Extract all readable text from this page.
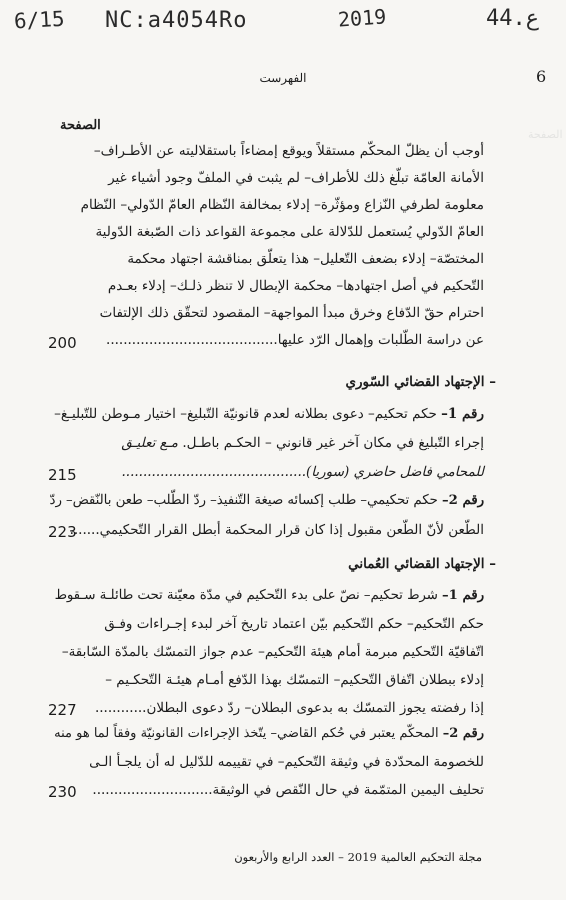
6/15 NC:a4054Ro	2019	44.ع
6
الفهرست
الصفحة
الصفحة
أوجب أن يظلّ المحكّم مستقلاً ويوقع إمضاءاً باستقلاليته عن الأطـراف–
الأمانة العامّة تبلّغ ذلك للأطراف– لم يثبت في الملفّ وجود أشياء غير
معلومة لطرفي النّزاع ومؤثّرة– إدلاء بمخالفة النّظام العامّ الدّولي– النّظام
العامّ الدّولي يُستعمل للدّلالة على مجموعة القواعد ذات الصّبغة الدّولية
المختصّة– إدلاء بضعف التّعليل– هذا يتعلّق بمناقشة اجتهاد محكمة
التّحكيم في أصل اجتهادها– محكمة الإبطال لا تنظر ذلـك– إدلاء بعـدم
احترام حقّ الدّفاع وخرق مبدأ المواجهة– المقصود لتحقّق ذلك الإلتفات
عن دراسة الطّلبات وإهمال الرّد عليها........................................
200
– الإجتهاد القضائي السّوري
رقم 1– حكم تحكيم– دعوى بطلانه لعدم قانونيّة التّبليغ– اختيار مـوطن للتّبليـغ–
إجراء التّبليغ في مكان آخر غير قانوني – الحكـم باطـل. مـع تعليـق
للمحامي فاضل حاضري (سوريا)...........................................
215
رقم 2– حكم تحكيمي– طلب إكسائه صيغة التّنفيذ– ردّ الطّلب– طعن بالنّقض– ردّ
الطّعن لأنّ الطّعن مقبول إذا كان قرار المحكمة أبطل القرار التّحكيمي.......
223
– الإجتهاد القضائي العُماني
رقم 1– شرط تحكيم– نصّ على بدء التّحكيم في مدّة معيّنة تحت طائلـة سـقوط
حكم التّحكيم– حكم التّحكيم بيّن اعتماد تاريخ آخر لبدء إجـراءات وفـق
اتّفاقيّة التّحكيم مبرمة أمام هيئة التّحكيم– عدم جواز التمسّك بالمدّة السّابقة–
إدلاء ببطلان اتّفاق التّحكيم– التمسّك بهذا الدّفع أمـام هيئـة التّحكـيم –
إذا رفضته يجوز التمسّك به بدعوى البطلان– ردّ دعوى البطلان............
227
رقم 2– المحكّم يعتبر في حُكم القاضي– يتّخذ الإجراءات القانونيّة وفقاً لما هو منه
للخصومة المحدّدة في وثيقة التّحكيم– في تقييمه للدّليل له أن يلجـأ الـى
تحليف اليمين المتمّمة في حال النّقص في الوثيقة............................
230
مجلة التحكيم العالمية 2019 – العدد الرابع والأربعون
